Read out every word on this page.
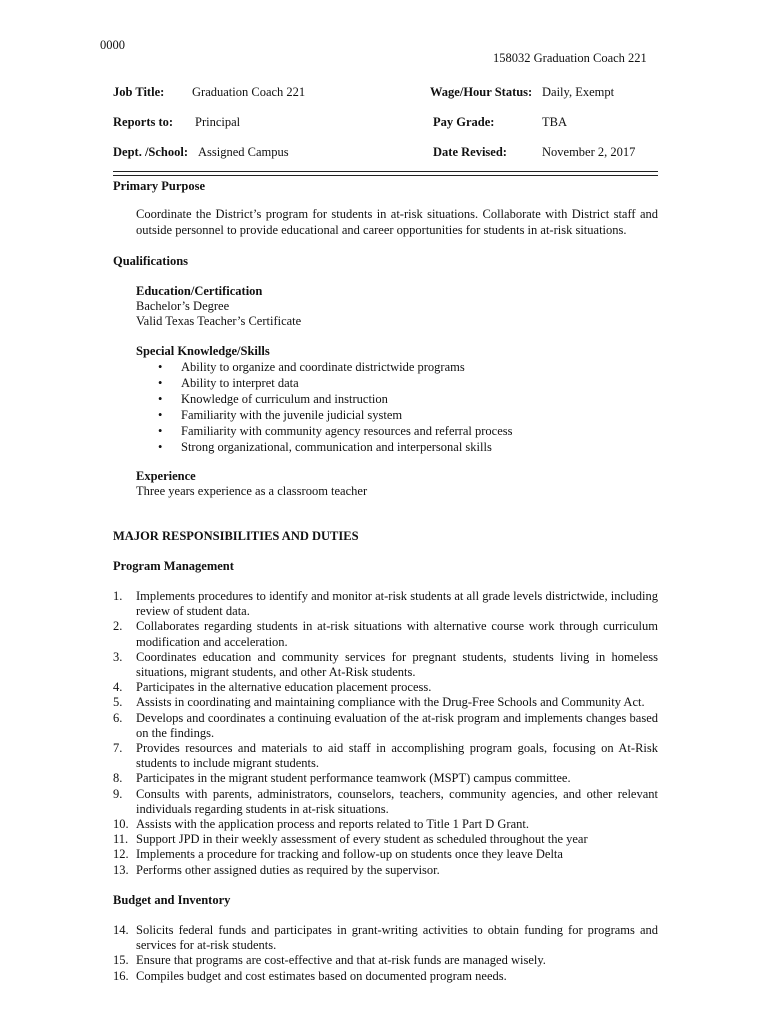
0000
158032 Graduation Coach 221
Job Title: Graduation Coach 221	Wage/Hour Status: Daily, Exempt
Reports to: Principal	Pay Grade:	TBA
Dept. /School: Assigned Campus	Date Revised:	November 2, 2017
Primary Purpose
Coordinate the District’s program for students in at-risk situations. Collaborate with District staff and outside personnel to provide educational and career opportunities for students in at-risk situations.
Qualifications
Education/Certification
Bachelor’s Degree
Valid Texas Teacher’s Certificate
Special Knowledge/Skills
• Ability to organize and coordinate districtwide programs
• Ability to interpret data
• Knowledge of curriculum and instruction
• Familiarity with the juvenile judicial system
• Familiarity with community agency resources and referral process
• Strong organizational, communication and interpersonal skills
Experience
Three years experience as a classroom teacher
MAJOR RESPONSIBILITIES AND DUTIES
Program Management
1. Implements procedures to identify and monitor at-risk students at all grade levels districtwide, including review of student data.
2. Collaborates regarding students in at-risk situations with alternative course work through curriculum modification and acceleration.
3. Coordinates education and community services for pregnant students, students living in homeless situations, migrant students, and other At-Risk students.
4. Participates in the alternative education placement process.
5. Assists in coordinating and maintaining compliance with the Drug-Free Schools and Community Act.
6. Develops and coordinates a continuing evaluation of the at-risk program and implements changes based on the findings.
7. Provides resources and materials to aid staff in accomplishing program goals, focusing on At-Risk students to include migrant students.
8. Participates in the migrant student performance teamwork (MSPT) campus committee.
9. Consults with parents, administrators, counselors, teachers, community agencies, and other relevant individuals regarding students in at-risk situations.
10. Assists with the application process and reports related to Title 1 Part D Grant.
11. Support JPD in their weekly assessment of every student as scheduled throughout the year
12. Implements a procedure for tracking and follow-up on students once they leave Delta
13. Performs other assigned duties as required by the supervisor.
Budget and Inventory
14. Solicits federal funds and participates in grant-writing activities to obtain funding for programs and services for at-risk students.
15. Ensure that programs are cost-effective and that at-risk funds are managed wisely.
16. Compiles budget and cost estimates based on documented program needs.
